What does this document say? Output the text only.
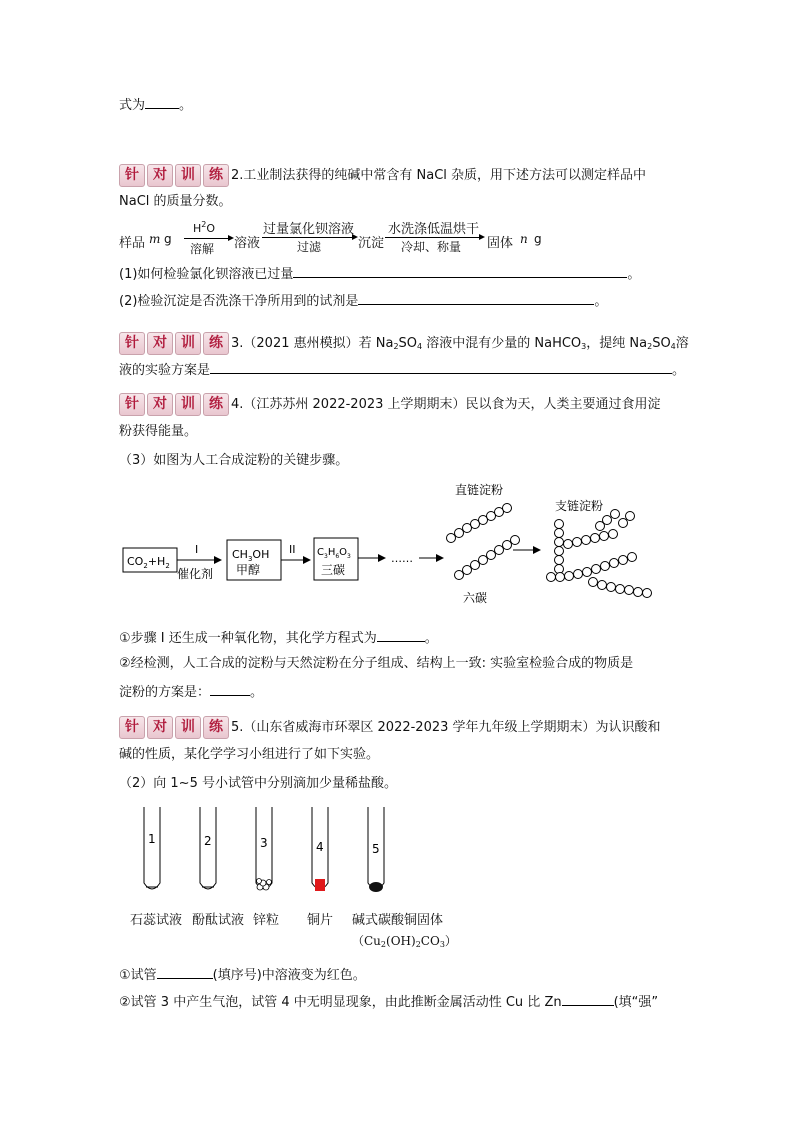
式为	。
针	对	训	练 2.工业制法获得的纯碱中常含有 NaCl 杂质，用下述方法可以测定样品中
NaCl 的质量分数。
样品 m g
$H^2O$
溶解 溶液
过量氯化钡溶液
过滤	沉淀
水洗涤低温烘干
冷却、称量 固体 n g
(1)如何检验氯化钡溶液已过量	。
(2)检验沉淀是否洗涤干净所用到的试剂是	。
针	对	训	练 3.（2021 惠州模拟）若 $Na_2SO_4$ 溶液中混有少量的 NaHCO$_3$，提纯 $Na_2SO_4$溶
液的实验方案是	。
针	对	训	练 4.（江苏苏州 2022-2023 上学期期末）民以食为天，人类主要通过食用淀
粉获得能量。
（3）如图为人工合成淀粉的关键步骤。
$CO_2+H_2$
I
催化剂
$CH_3OH$
甲醇
II $C_3H_6O_3$
三碳
……
直链淀粉
六碳
支链淀粉
①步骤 I 还生成一种氧化物，其化学方程式为	。
②经检测，人工合成的淀粉与天然淀粉在分子组成、结构上一致: 实验室检验合成的物质是
淀粉的方案是：	。
针	对	训	练 5.（山东省威海市环翠区 2022-2023 学年九年级上学期期末）为认识酸和
碱的性质，某化学学习小组进行了如下实验。
（2）向 1~5 号小试管中分别滴加少量稀盐酸。
1	2	3	4	5
石蕊试液 酚酞试液 锌粒 铜片 碱式碳酸铜固体
$(Cu_2(OH)_2CO_3)$
①试管	(填序号)中溶液变为红色。
②试管 3 中产生气泡，试管 4 中无明显现象，由此推断金属活动性 Cu 比 Zn	(填“强”
